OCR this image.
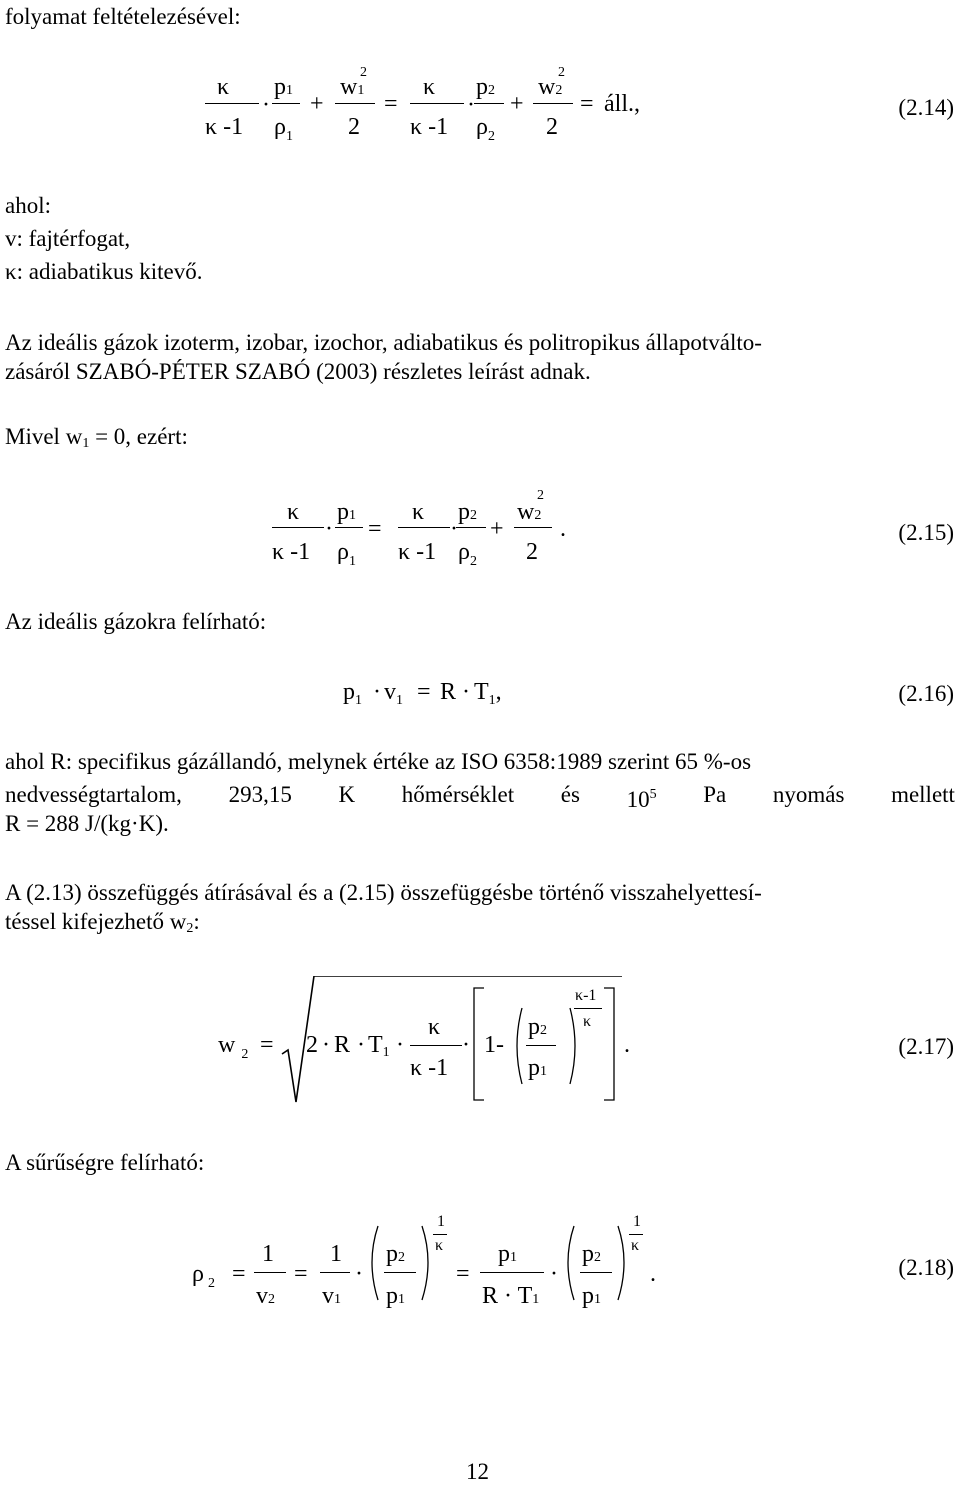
folyamat feltételezésével:
ahol:
v: fajtérfogat,
κ: adiabatikus kitevő.
Az ideális gázok izoterm, izobar, izochor, adiabatikus és politropikus állapotválto-
zásáról SZABÓ-PÉTER SZABÓ (2003) részletes leírást adnak.
Mivel $w_1 = 0$, ezért:
Az ideális gázokra felírható:
ahol R: specifikus gázállandó, melynek értéke az ISO 6358:1989 szerint 65 %-os
nedvességtartalom, 293,15 K hőmérséklet és $10^5$ Pa nyomás mellett
R = 288 J/(kg·K).
A (2.13) összefüggés átírásával és a (2.15) összefüggésbe történő visszahelyettesí-
téssel kifejezhető $w_2$:
A sűrűségre felírható:
12
κ
κ -1
·
p1
$\rho_1$
+
w1
2
2
=
κ
κ -1
·
p2
$\rho_2$
+
w2
2
2
= áll.,	(2.14)
κ
κ -1
·
p1
$\rho_1$
=
κ
κ -1
·
p2
$\rho_2$
+
w2
2
2
.	(2.15)
$p_1 \cdot v_1 = R \cdot T_1$,	(2.16)
w $_2 = 2 \cdot R \cdot T_1$ ·
κ
κ -1
· 1-
p2
p1
κ-1
κ
.	(2.17)
ρ $_2$ =
1
v2
=
1
v1
·
p2
p1
1
κ
=
p1
R · T1
·
p2
p1
1
κ
.	(2.18)
